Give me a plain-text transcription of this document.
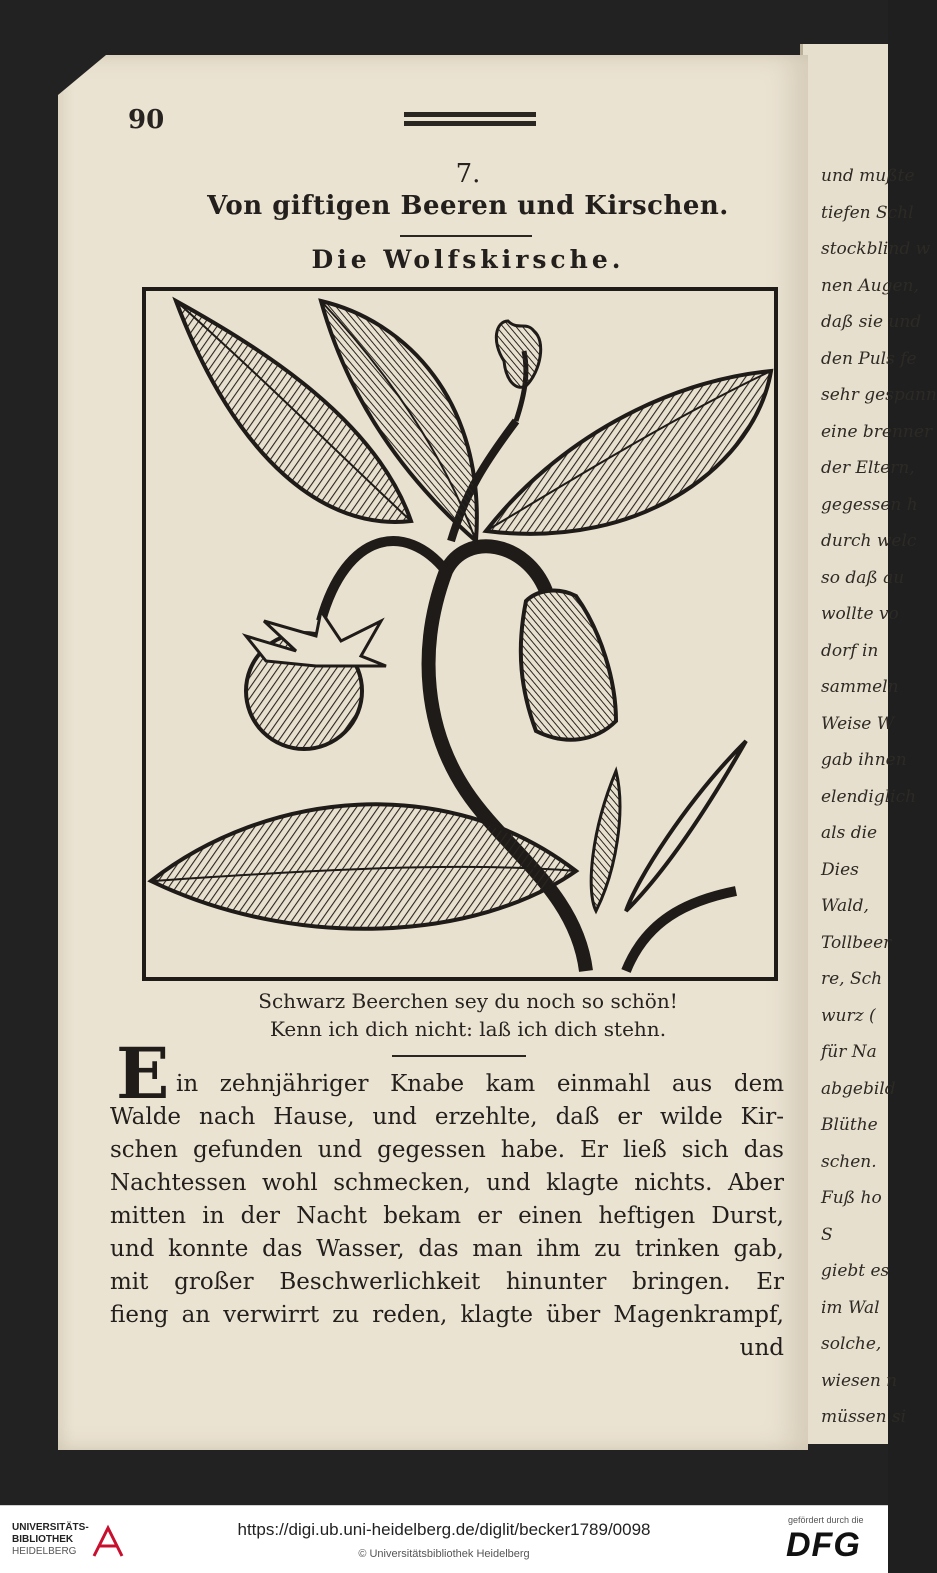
und mußte
tiefen Schl
stockblind w
nen Augen,
daß sie und
den Puls fe
sehr gespann
eine brenner
der Eltern,
gegessen h
durch welc
so daß au
wollte vo
dorf in
sammeln
Weise W
gab ihnen
elendiglich
als die
Dies
Wald,
Tollbeer
re, Sch
wurz (
für Na
abgebild
Blüthe
schen.
Fuß ho
S
giebt es
im Wal
solche,
wiesen n
müssen si
90
7.
Von giftigen Beeren und Kirschen.
Die Wolfskirsche.
Schwarz Beerchen sey du noch so schön!
Kenn ich dich nicht: laß ich dich stehn.
E in zehnjähriger Knabe kam einmahl aus dem
Walde nach Hause, und erzehlte, daß er wilde Kir-
schen gefunden und gegessen habe. Er ließ sich das
Nachtessen wohl schmecken, und klagte nichts. Aber
mitten in der Nacht bekam er einen heftigen Durst,
und konnte das Wasser, das man ihm zu trinken gab,
mit großer Beschwerlichkeit hinunter bringen. Er
fieng an verwirrt zu reden, klagte über Magenkrampf,
und
UNIVERSITÄTS-
BIBLIOTHEK
HEIDELBERG
https://digi.ub.uni-heidelberg.de/diglit/becker1789/0098
© Universitätsbibliothek Heidelberg
gefördert durch die
DFG
